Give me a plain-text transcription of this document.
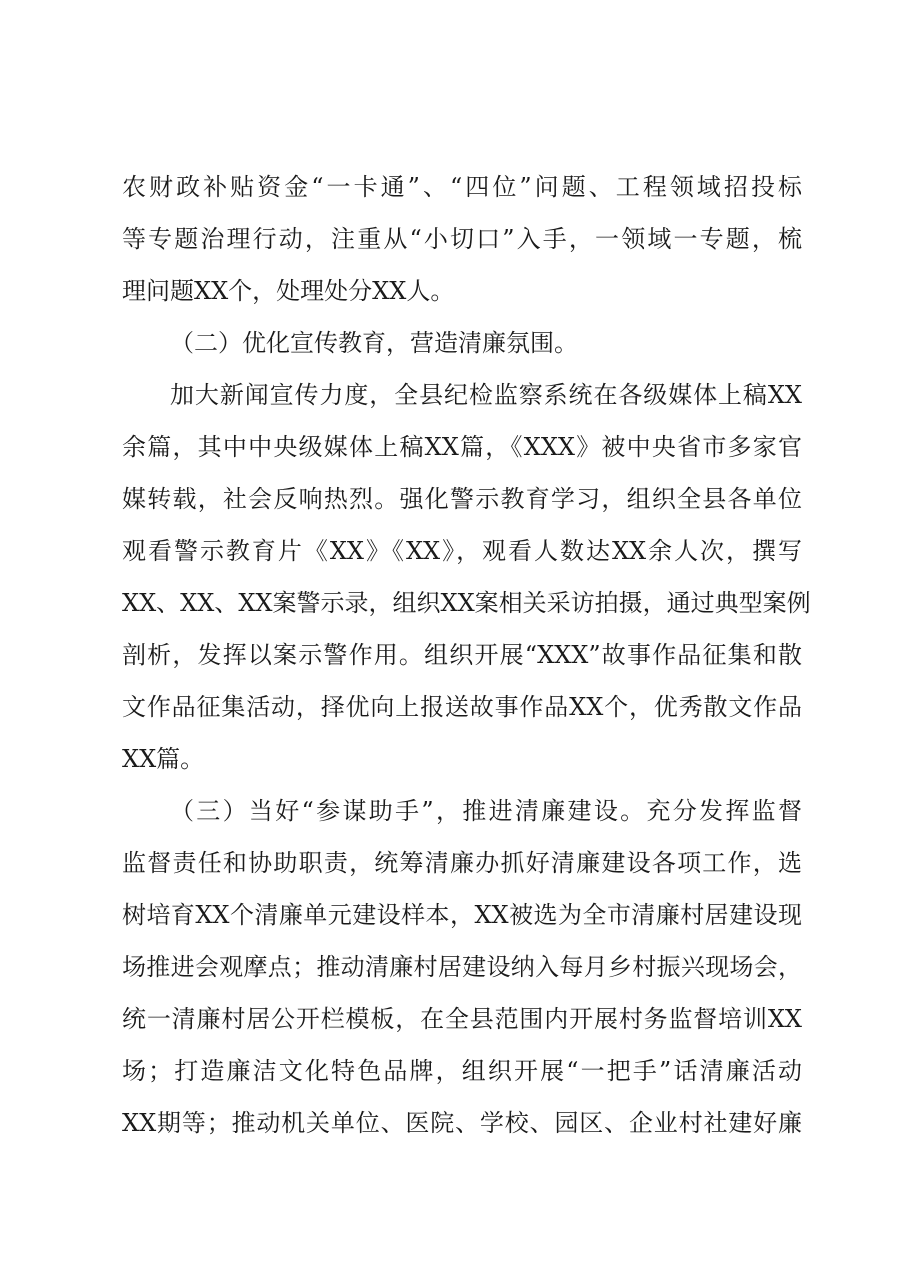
农财政补贴资金“一卡通”、“四位”问题、工程领域招投标
等专题治理行动，注重从“小切口”入手，一领域一专题，梳
理问题XX个，处理处分XX人。
（二）优化宣传教育，营造清廉氛围。
加大新闻宣传力度，全县纪检监察系统在各级媒体上稿XX
余篇，其中中央级媒体上稿XX篇，《XXX》被中央省市多家官
媒转载，社会反响热烈。强化警示教育学习，组织全县各单位
观看警示教育片《XX》《XX》，观看人数达XX余人次，撰写
XX、XX、XX案警示录，组织XX案相关采访拍摄，通过典型案例
剖析，发挥以案示警作用。组织开展“XXX”故事作品征集和散
文作品征集活动，择优向上报送故事作品XX个，优秀散文作品
XX篇。
（三）当好“参谋助手”，推进清廉建设。充分发挥监督
监督责任和协助职责，统筹清廉办抓好清廉建设各项工作，选
树培育XX个清廉单元建设样本，XX被选为全市清廉村居建设现
场推进会观摩点；推动清廉村居建设纳入每月乡村振兴现场会，
统一清廉村居公开栏模板，在全县范围内开展村务监督培训XX
场；打造廉洁文化特色品牌，组织开展“一把手”话清廉活动
XX期等；推动机关单位、医院、学校、园区、企业村社建好廉
